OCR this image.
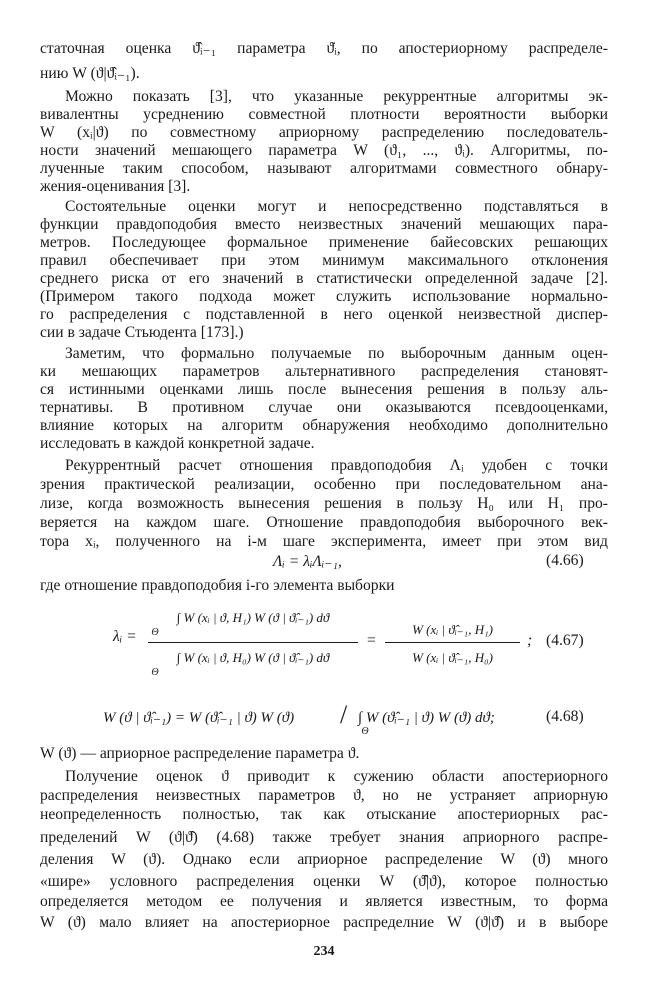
статочная оценка ϑ̂ᵢ₋₁ параметра ϑ̇ᵢ, по апостериорному распределе-
нию W (ϑ|ϑ̂ᵢ₋₁).
Можно показать [3], что указанные рекуррентные алгоритмы эк-
вивалентны усреднению совместной плотности вероятности выборки
W (xᵢ|ϑ) по совместному априорному распределению последователь-
ности значений мешающего параметра W (ϑ₁, ..., ϑᵢ). Алгоритмы, по-
лученные таким способом, называют алгоритмами совместного обнару-
жения-оценивания [3].
Состоятельные оценки могут и непосредственно подставляться в
функции правдоподобия вместо неизвестных значений мешающих пара-
метров. Последующее формальное применение байесовских решающих
правил обеспечивает при этом минимум максимального отклонения
среднего риска от его значений в статистически определенной задаче [2].
(Примером такого подхода может служить использование нормально-
го распределения с подставленной в него оценкой неизвестной диспер-
сии в задаче Стьюдента [173].)
Заметим, что формально получаемые по выборочным данным оцен-
ки мешающих параметров альтернативного распределения становят-
ся истинными оценками лишь после вынесения решения в пользу аль-
тернативы. В противном случае они оказываются псевдооценками,
влияние которых на алгоритм обнаружения необходимо дополнительно
исследовать в каждой конкретной задаче.
Рекуррентный расчет отношения правдоподобия Λᵢ удобен с точки
зрения практической реализации, особенно при последовательном ана-
лизе, когда возможность вынесения решения в пользу H₀ или H₁ про-
веряется на каждом шаге. Отношение правдоподобия выборочного век-
тора xᵢ, полученного на i-м шаге эксперимента, имеет при этом вид
Λᵢ = λᵢΛᵢ₋₁,	(4.66)
где отношение правдоподобия i-го элемента выборки
λᵢ =
∫ W (xᵢ | ϑ, H₁) W (ϑ | ϑ̂ᵢ₋₁) dϑ
Θ
∫ W (xᵢ | ϑ, H₀) W (ϑ | ϑ̂ᵢ₋₁) dϑ
Θ
=
W (xᵢ | ϑ̂ᵢ₋₁, H₁)
W (xᵢ | ϑ̂ᵢ₋₁, H₀)
; (4.67)
W (ϑ | ϑ̂ᵢ₋₁) = W (ϑ̂ᵢ₋₁ | ϑ) W (ϑ) / ∫ W (ϑ̂ᵢ₋₁ | ϑ) W (ϑ) dϑ;
Θ
(4.68)
W (ϑ) — априорное распределение параметра ϑ.
Получение оценок ϑ приводит к сужению области апостериорного
распределения неизвестных параметров ϑ, но не устраняет априорную
неопределенность полностью, так как отыскание апостериорных рас-
пределений W (ϑ|ϑ̂) (4.68) также требует знания априорного распре-
деления W (ϑ). Однако если априорное распределение W (ϑ) много
«шире» условного распределения оценки W (ϑ̂|ϑ), которое полностью
определяется методом ее получения и является известным, то форма
W (ϑ) мало влияет на апостериорное распределние W (ϑ|ϑ̂) и в выборе
234
